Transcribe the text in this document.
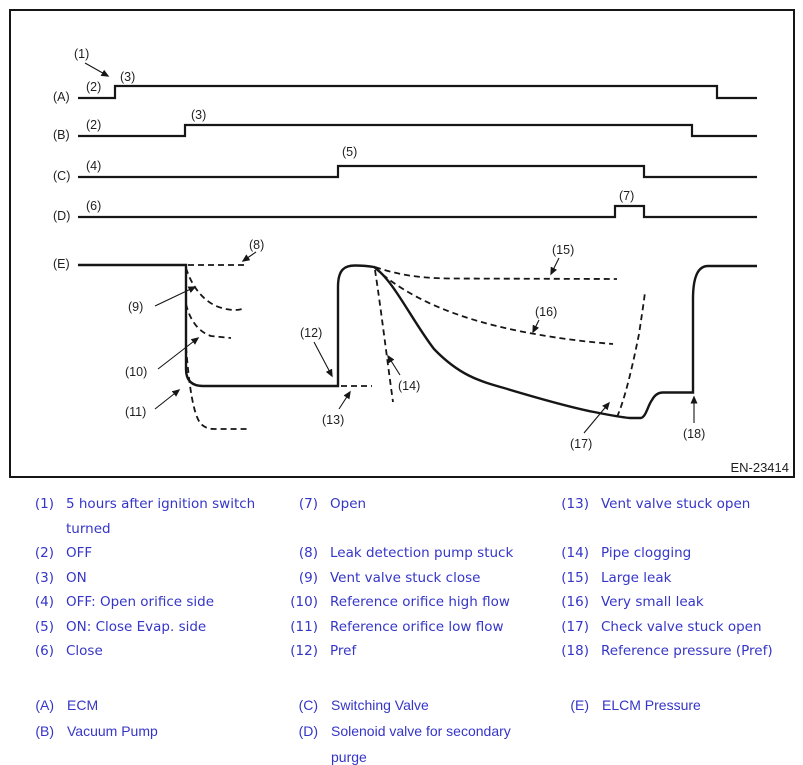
(A)
(1)
(2)
(3)
(B)
(2)
(3)
(C)
(4)
(5)
(D)
(6)
(7)
(E)
(8)
(9)
(10)
(11)
(12)
(13)
(14)
(15)
(16)
(17)
(18)
EN-23414
(1) 5 hours after ignition switch turned
(2) OFF
(3) ON
(4) OFF: Open orifice side
(5) ON: Close Evap. side
(6) Close
(7) Open
(8) Leak detection pump stuck
(9) Vent valve stuck close
(10) Reference orifice high flow
(11) Reference orifice low flow
(12) Pref
(13) Vent valve stuck open
(14) Pipe clogging
(15) Large leak
(16) Very small leak
(17) Check valve stuck open
(18) Reference pressure (Pref)
(A) ECM
(B) Vacuum Pump
(C) Switching Valve
(D) Solenoid valve for secondary purge
(E) ELCM Pressure
